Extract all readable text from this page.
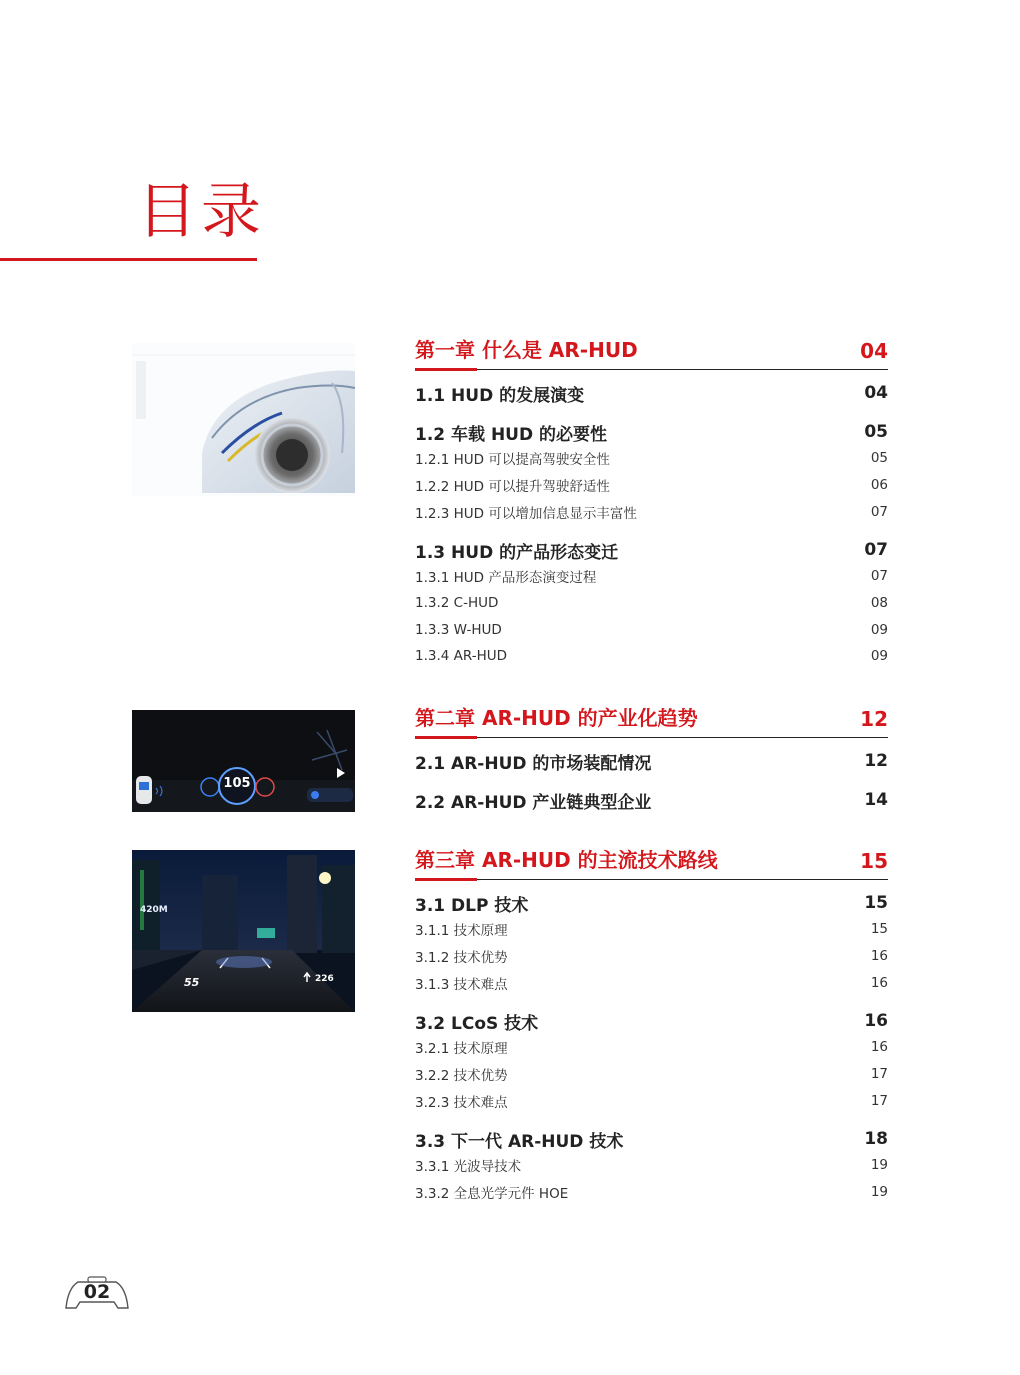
目录
第一章 什么是 AR-HUD	04
1.1 HUD 的发展演变	04
1.2 车载 HUD 的必要性	05
1.2.1 HUD 可以提高驾驶安全性	05
1.2.2 HUD 可以提升驾驶舒适性	06
1.2.3 HUD 可以增加信息显示丰富性	07
1.3 HUD 的产品形态变迁	07
1.3.1 HUD 产品形态演变过程	07
1.3.2 C-HUD	08
1.3.3 W-HUD	09
1.3.4 AR-HUD	09
第二章 AR-HUD 的产业化趋势	12
2.1 AR-HUD 的市场装配情况	12
2.2 AR-HUD 产业链典型企业	14
第三章 AR-HUD 的主流技术路线	15
3.1 DLP 技术	15
3.1.1 技术原理	15
3.1.2 技术优势	16
3.1.3 技术难点	16
3.2 LCoS 技术	16
3.2.1 技术原理	16
3.2.2 技术优势	17
3.2.3 技术难点	17
3.3 下一代 AR-HUD 技术	18
3.3.1 光波导技术	19
3.3.2 全息光学元件 HOE	19
105
420M
55	226
02
